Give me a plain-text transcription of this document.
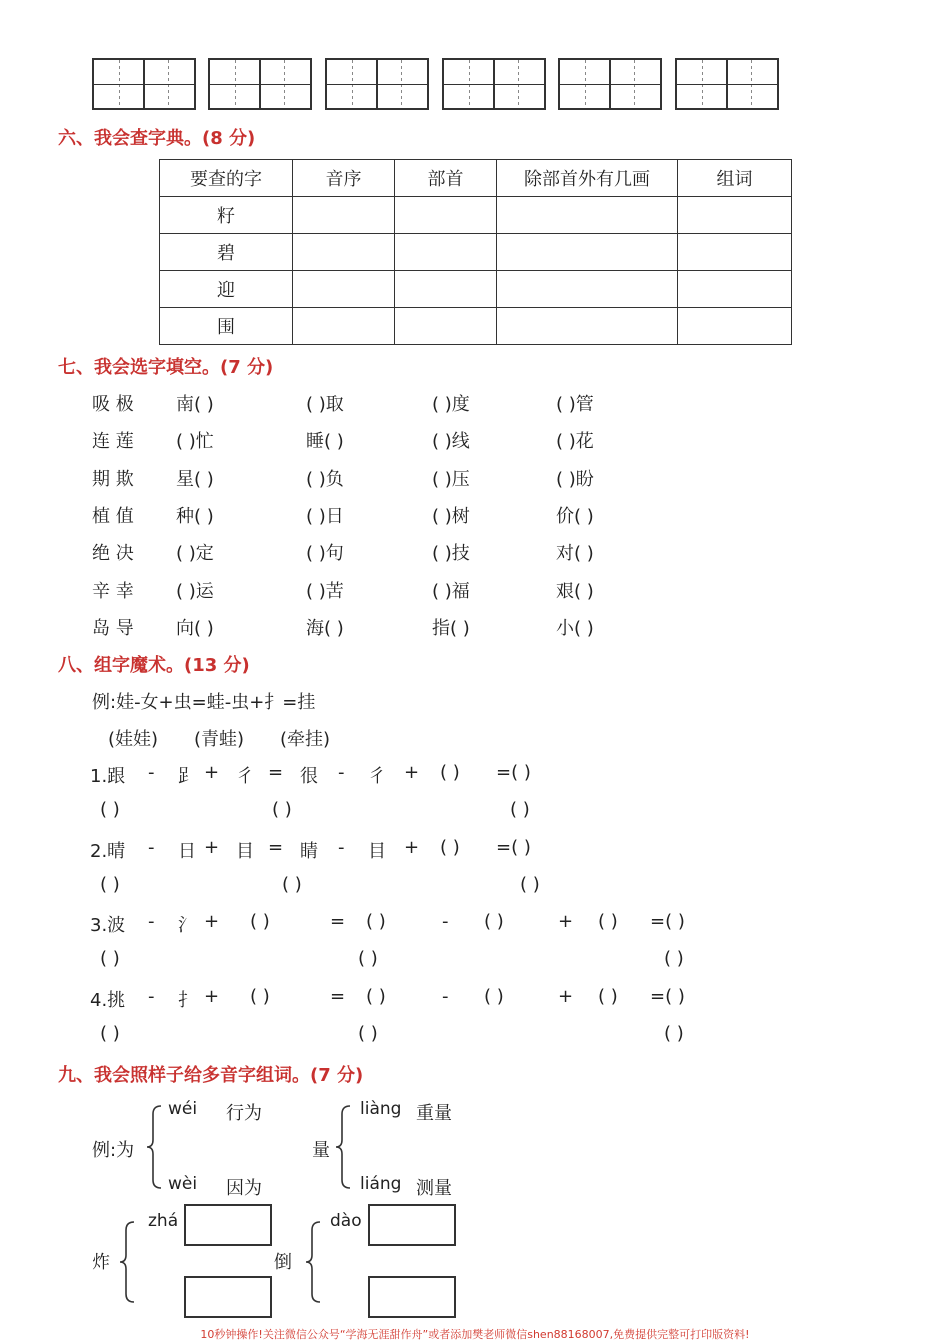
六、我会查字典。(8 分)
要查的字	音序	部首	除部首外有几画	组词
籽				
碧				
迎				
围				
七、我会选字填空。(7 分)
吸 极 南( )	( )取	( )度	( )管
连 莲 ( )忙	睡( )	( )线	( )花
期 欺 星( )	( )负	( )压	( )盼
植 值 种( )	( )日	( )树	价( )
绝 决 ( )定	( )句	( )技	对( )
辛 幸 ( )运	( )苦	( )福	艰( )
岛 导 向( )	海( )	指( )	小( )
八、组字魔术。(13 分)
例:娃-女+虫=蛙-虫+扌=挂
(娃娃) (青蛙) (牵挂)
1.跟 - 𧾷 + 彳 = 很 - 彳 + ( ) =( )
( )	( )	( )
2.晴 - 日 + 目 = 睛 - 目 + ( ) =( )
( )	( )	( )
3.波 - 氵 + ( )	= ( )	- ( )	+ ( ) =( )
( )	( )	( )
4.挑 - 扌 + ( )	= ( )	- ( )	+ ( ) =( )
( )	( )	( )
九、我会照样子给多音字组词。(7 分)
例:为
wéi 行为
wèi 因为
量
liàng 重量
liáng 测量
炸
zhá
倒
dào
10秒钟操作!关注微信公众号“学海无涯甜作舟”或者添加樊老师微信shen88168007,免费提供完整可打印版资料!
